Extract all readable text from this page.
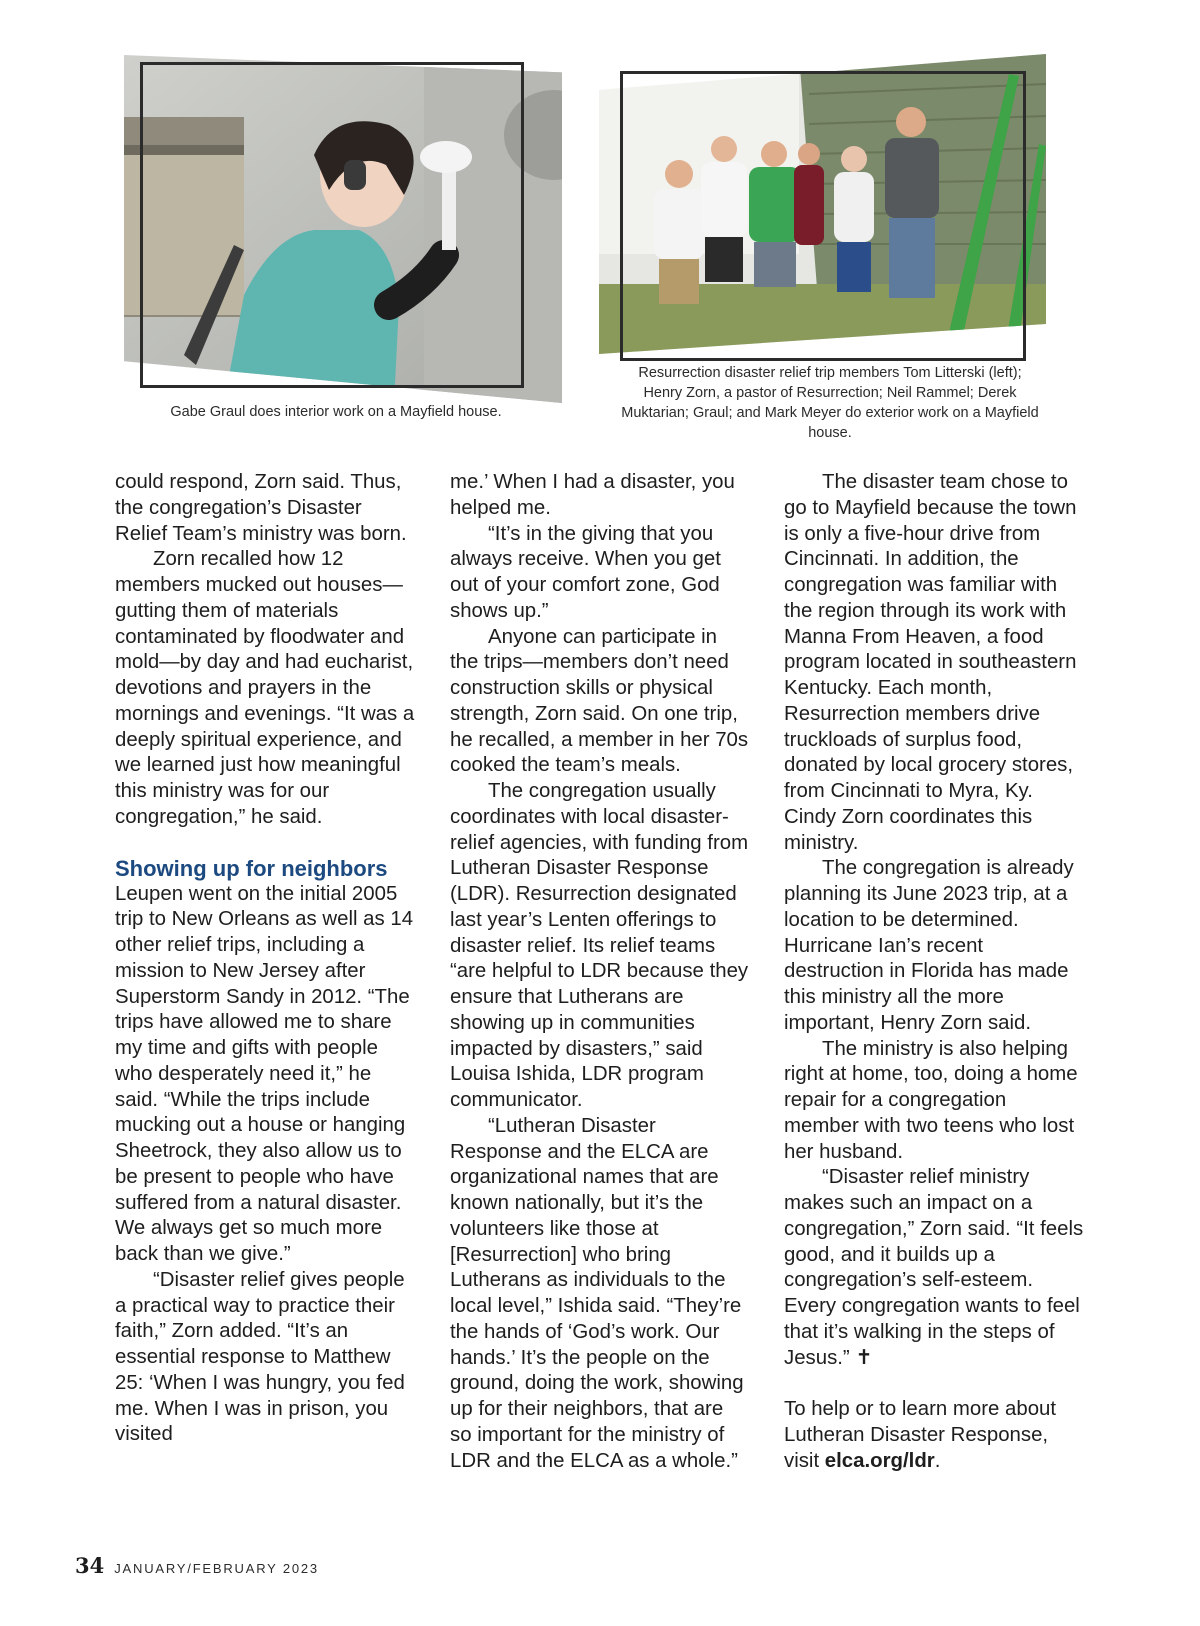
Gabe Graul does interior work on a Mayfield house.
Resurrection disaster relief trip members Tom Litterski (left); Henry Zorn, a pastor of Resurrection; Neil Rammel; Derek Muktarian; Graul; and Mark Meyer do exterior work on a Mayfield house.

could respond, Zorn said. Thus, the congregation’s Disaster Relief Team’s ministry was born.

Zorn recalled how 12 members mucked out houses—gutting them of materials contaminated by floodwater and mold—by day and had eucharist, devotions and prayers in the mornings and evenings. “It was a deeply spiritual experience, and we learned just how meaningful this ministry was for our congregation,” he said.

Showing up for neighbors

Leupen went on the initial 2005 trip to New Orleans as well as 14 other relief trips, including a mission to New Jersey after Superstorm Sandy in 2012. “The trips have allowed me to share my time and gifts with people who desperately need it,” he said. “While the trips include mucking out a house or hanging Sheetrock, they also allow us to be present to people who have suffered from a natural disaster. We always get so much more back than we give.”

“Disaster relief gives people a practical way to practice their faith,” Zorn added. “It’s an essential response to Matthew 25: ‘When I was hungry, you fed me. When I was in prison, you visited

me.’ When I had a disaster, you helped me.

“It’s in the giving that you always receive. When you get out of your comfort zone, God shows up.”

Anyone can participate in the trips—members don’t need construction skills or physical strength, Zorn said. On one trip, he recalled, a member in her 70s cooked the team’s meals.

The congregation usually coordinates with local disaster-relief agencies, with funding from Lutheran Disaster Response (LDR). Resurrection designated last year’s Lenten offerings to disaster relief. Its relief teams “are helpful to LDR because they ensure that Lutherans are showing up in communities impacted by disasters,” said Louisa Ishida, LDR program communicator.

“Lutheran Disaster Response and the ELCA are organizational names that are known nationally, but it’s the volunteers like those at [Resurrection] who bring Lutherans as individuals to the local level,” Ishida said. “They’re the hands of ‘God’s work. Our hands.’ It’s the people on the ground, doing the work, showing up for their neighbors, that are so important for the ministry of LDR and the ELCA as a whole.”

The disaster team chose to go to Mayfield because the town is only a five-hour drive from Cincinnati. In addition, the congregation was familiar with the region through its work with Manna From Heaven, a food program located in southeastern Kentucky. Each month, Resurrection members drive truckloads of surplus food, donated by local grocery stores, from Cincinnati to Myra, Ky. Cindy Zorn coordinates this ministry.

The congregation is already planning its June 2023 trip, at a location to be determined. Hurricane Ian’s recent destruction in Florida has made this ministry all the more important, Henry Zorn said.

The ministry is also helping right at home, too, doing a home repair for a congregation member with two teens who lost her husband.

“Disaster relief ministry makes such an impact on a congregation,” Zorn said. “It feels good, and it builds up a congregation’s self-esteem. Every congregation wants to feel that it’s walking in the steps of Jesus.” ✝

To help or to learn more about Lutheran Disaster Response, visit elca.org/ldr.

34 JANUARY/FEBRUARY 2023
